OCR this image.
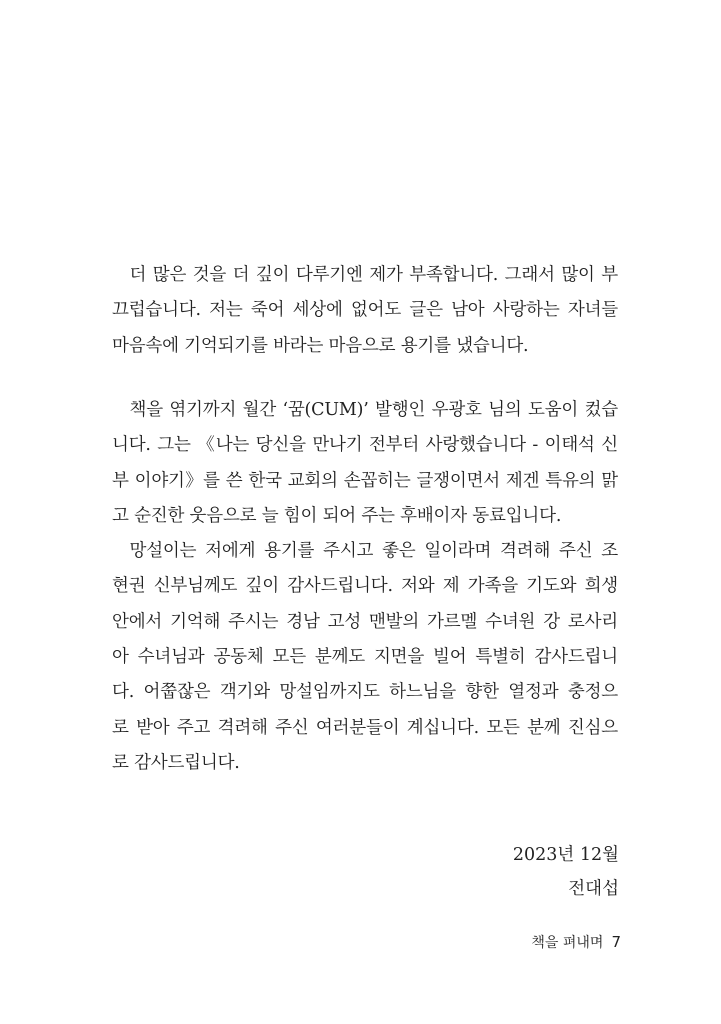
더 많은 것을 더 깊이 다루기엔 제가 부족합니다. 그래서 많이 부
끄럽습니다. 저는 죽어 세상에 없어도 글은 남아 사랑하는 자녀들
마음속에 기억되기를 바라는 마음으로 용기를 냈습니다.

책을 엮기까지 월간 ‘꿈(CUM)’ 발행인 우광호 님의 도움이 컸습
니다. 그는 《나는 당신을 만나기 전부터 사랑했습니다 - 이태석 신
부 이야기》를 쓴 한국 교회의 손꼽히는 글쟁이면서 제겐 특유의 맑
고 순진한 웃음으로 늘 힘이 되어 주는 후배이자 동료입니다.

망설이는 저에게 용기를 주시고 좋은 일이라며 격려해 주신 조
현권 신부님께도 깊이 감사드립니다. 저와 제 가족을 기도와 희생
안에서 기억해 주시는 경남 고성 맨발의 가르멜 수녀원 강 로사리
아 수녀님과 공동체 모든 분께도 지면을 빌어 특별히 감사드립니
다. 어쭙잖은 객기와 망설임까지도 하느님을 향한 열정과 충정으
로 받아 주고 격려해 주신 여러분들이 계십니다. 모든 분께 진심으
로 감사드립니다.

2023년 12월
전대섭
책을 펴내며 7
